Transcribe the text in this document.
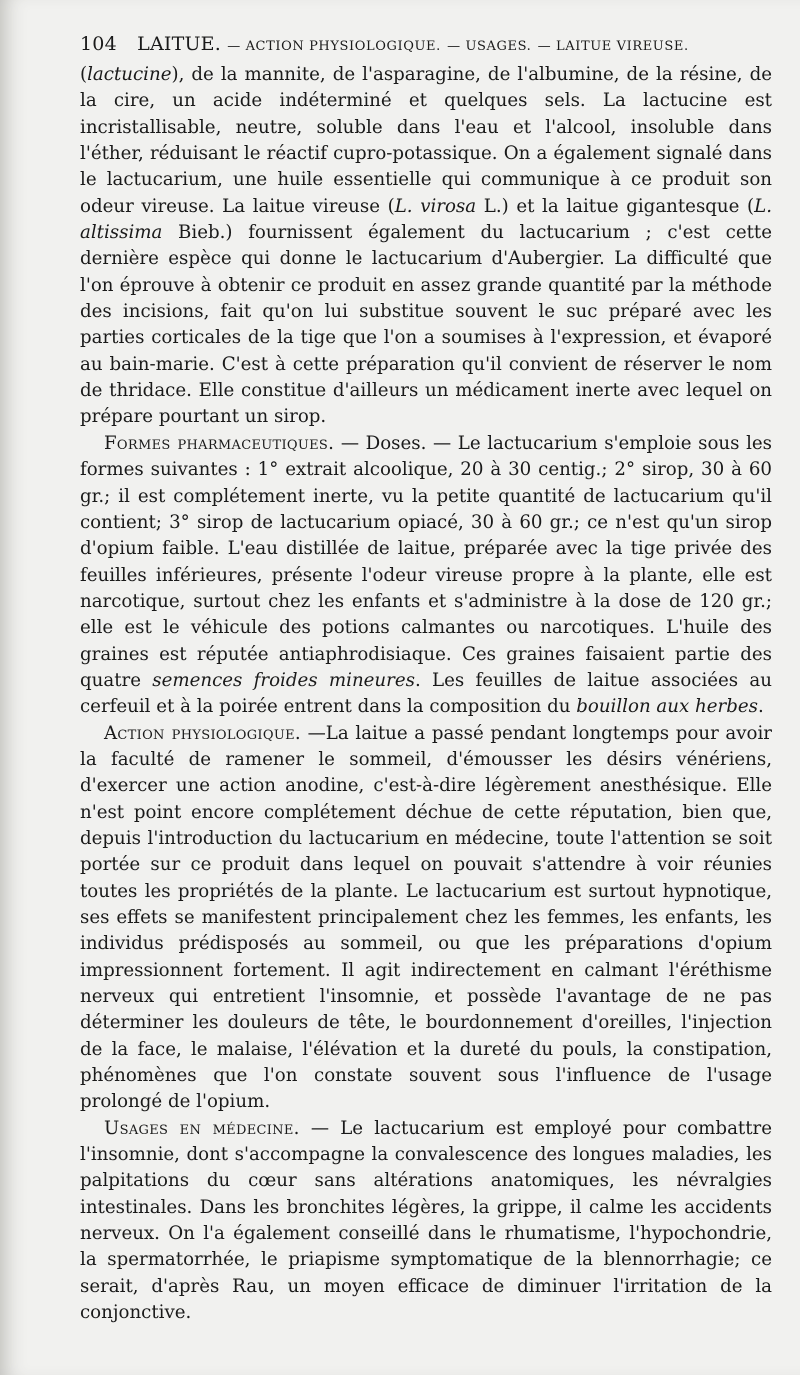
104 LAITUE. — ACTION PHYSIOLOGIQUE. — USAGES. — LAITUE VIREUSE.

(lactucine), de la mannite, de l'asparagine, de l'albumine, de la résine, de la cire, un acide indéterminé et quelques sels. La lactucine est incristallisable, neutre, soluble dans l'eau et l'alcool, insoluble dans l'éther, réduisant le réactif cupro-potassique. On a également signalé dans le lactucarium, une huile essentielle qui communique à ce produit son odeur vireuse. La laitue vireuse (L. virosa L.) et la laitue gigantesque (L. altissima Bieb.) fournissent également du lactucarium ; c'est cette dernière espèce qui donne le lactucarium d'Aubergier. La difficulté que l'on éprouve à obtenir ce produit en assez grande quantité par la méthode des incisions, fait qu'on lui substitue souvent le suc préparé avec les parties corticales de la tige que l'on a soumises à l'expression, et évaporé au bain-marie. C'est à cette préparation qu'il convient de réserver le nom de thridace. Elle constitue d'ailleurs un médicament inerte avec lequel on prépare pourtant un sirop.

Formes pharmaceutiques. — Doses. — Le lactucarium s'emploie sous les formes suivantes : 1° extrait alcoolique, 20 à 30 centig.; 2° sirop, 30 à 60 gr.; il est complétement inerte, vu la petite quantité de lactucarium qu'il contient; 3° sirop de lactucarium opiacé, 30 à 60 gr.; ce n'est qu'un sirop d'opium faible. L'eau distillée de laitue, préparée avec la tige privée des feuilles inférieures, présente l'odeur vireuse propre à la plante, elle est narcotique, surtout chez les enfants et s'administre à la dose de 120 gr.; elle est le véhicule des potions calmantes ou narcotiques. L'huile des graines est réputée antiaphrodisiaque. Ces graines faisaient partie des quatre semences froides mineures. Les feuilles de laitue associées au cerfeuil et à la poirée entrent dans la composition du bouillon aux herbes.

Action physiologique. —La laitue a passé pendant longtemps pour avoir la faculté de ramener le sommeil, d'émousser les désirs vénériens, d'exercer une action anodine, c'est-à-dire légèrement anesthésique. Elle n'est point encore complétement déchue de cette réputation, bien que, depuis l'introduction du lactucarium en médecine, toute l'attention se soit portée sur ce produit dans lequel on pouvait s'attendre à voir réunies toutes les propriétés de la plante. Le lactucarium est surtout hypnotique, ses effets se manifestent principalement chez les femmes, les enfants, les individus prédisposés au sommeil, ou que les préparations d'opium impressionnent fortement. Il agit indirectement en calmant l'éréthisme nerveux qui entretient l'insomnie, et possède l'avantage de ne pas déterminer les douleurs de tête, le bourdonnement d'oreilles, l'injection de la face, le malaise, l'élévation et la dureté du pouls, la constipation, phénomènes que l'on constate souvent sous l'influence de l'usage prolongé de l'opium.

Usages en médecine. — Le lactucarium est employé pour combattre l'insomnie, dont s'accompagne la convalescence des longues maladies, les palpitations du cœur sans altérations anatomiques, les névralgies intestinales. Dans les bronchites légères, la grippe, il calme les accidents nerveux. On l'a également conseillé dans le rhumatisme, l'hypochondrie, la spermatorrhée, le priapisme symptomatique de la blennorrhagie; ce serait, d'après Rau, un moyen efficace de diminuer l'irritation de la conjonctive.
